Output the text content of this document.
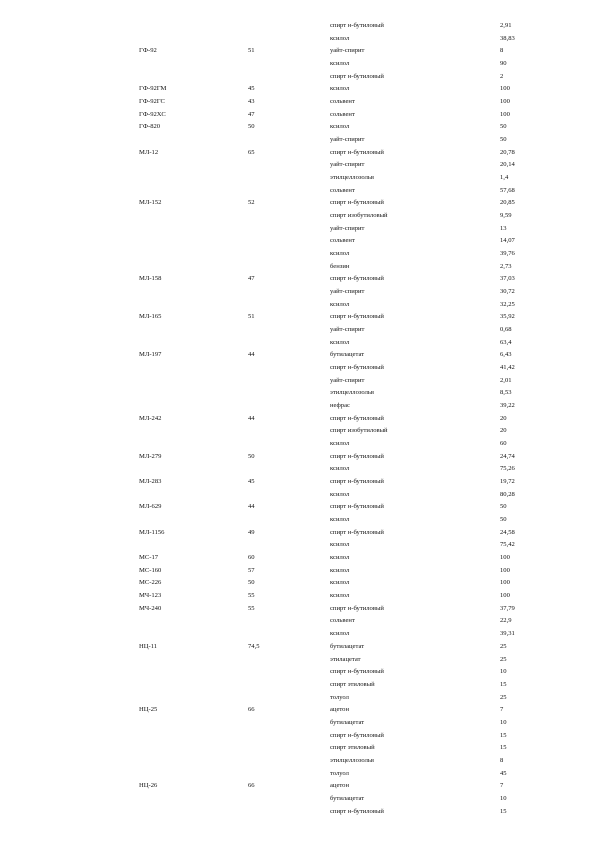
спирт н-бутиловый	2,91
ксилол	38,83
ГФ-92	51	уайт-спирит	8
ксилол	90
спирт н-бутиловый	2
ГФ-92ГМ	45	ксилол	100
ГФ-92ГС	43	сольвент	100
ГФ-92ХС	47	сольвент	100
ГФ-820	50	ксилол	50
уайт-спирит	50
МЛ-12	65	спирт н-бутиловый	20,78
уайт-спирит	20,14
этилцеллозольв	1,4
сольвент	57,68
МЛ-152	52	спирт н-бутиловый	20,85
спирт изобутиловый	9,59
уайт-спирит	13
сольвент	14,07
ксилол	39,76
бензин	2,73
МЛ-158	47	спирт н-бутиловый	37,03
уайт-спирит	30,72
ксилол	32,25
МЛ-165	51	спирт н-бутиловый	35,92
уайт-спирит	0,68
ксилол	63,4
МЛ-197	44	бутилацетат	6,43
спирт н-бутиловый	41,42
уайт-спирит	2,01
этилцеллозольв	8,53
нефрас	39,22
МЛ-242	44	спирт н-бутиловый	20
спирт изобутиловый	20
ксилол	60
МЛ-279	50	спирт н-бутиловый	24,74
ксилол	75,26
МЛ-283	45	спирт н-бутиловый	19,72
ксилол	80,28
МЛ-629	44	спирт н-бутиловый	50
ксилол	50
МЛ-1156	49	спирт н-бутиловый	24,58
ксилол	75,42
МС-17	60	ксилол	100
МС-160	57	ксилол	100
МС-226	50	ксилол	100
МЧ-123	55	ксилол	100
МЧ-240	55	спирт н-бутиловый	37,79
сольвент	22,9
ксилол	39,31
НЦ-11	74,5	бутилацетат	25
этилацетат	25
спирт н-бутиловый	10
спирт этиловый	15
толуол	25
НЦ-25	66	ацетон	7
бутилацетат	10
спирт н-бутиловый	15
спирт этиловый	15
этилцеллозольв	8
толуол	45
НЦ-26	66	ацетон	7
бутилацетат	10
спирт н-бутиловый	15
